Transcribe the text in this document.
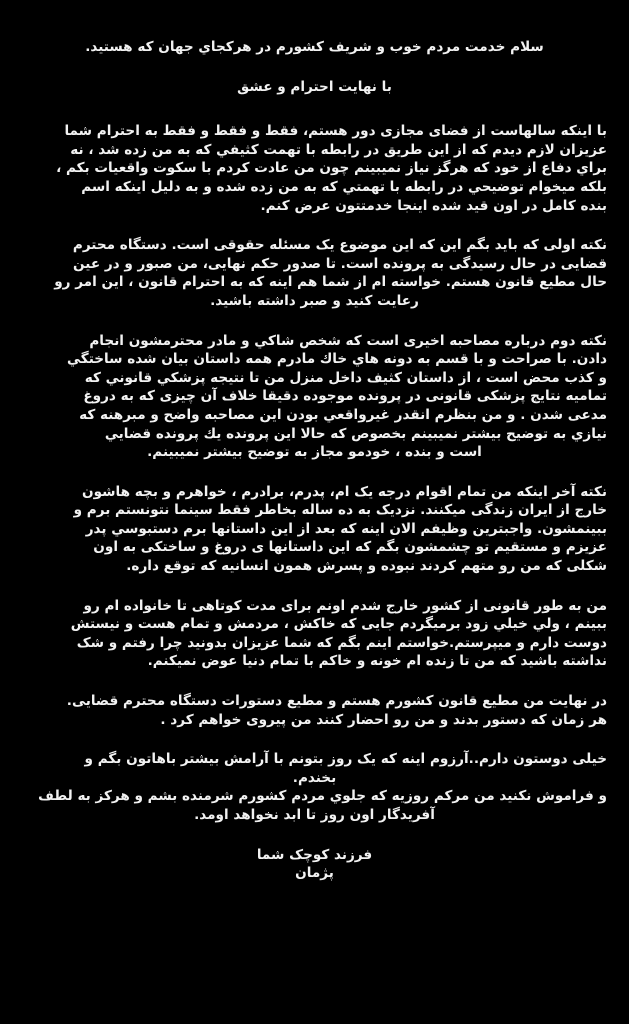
سلام خدمت مردم خوب و شريف كشورم در هرکجاي جهان که هستيد.
با نهايت احترام و عشق
با اینکه سالهاست از فضای مجازی دور هستم، فقط و فقط و فقط به احترام شما
عزيزان لازم ديدم كه از اين طريق در رابطه با تهمت كثيفي كه به من زده شد ، نه
براي دفاع از خود كه هرگز نياز نميبينم چون من عادت كردم با سكوت واقعيات بكم ،
بلكه ميخوام توضيحي در رابطه با تهمتي كه به من زده شده و به دليل اينكه اسم
بنده كامل در اون قيد شده اينجا خدمتتون عرض كنم.
نكته اولی كه بايد بگم اين كه اين موضوع يک مسئله حقوقی است. دستگاه محترم
قضايی در حال رسيدگی به پرونده است. تا صدور حكم نهايی، من صبور و در عين
حال مطيع قانون هستم. خواسته ام از شما هم اينه كه به احترام قانون ، اين امر رو
رعايت كنيد و صبر داشته باشيد.
نكته دوم درباره مصاحبه اخيری است كه شخص شاكي و مادر محترمشون انجام
دادن. با صراحت و با قسم به دونه هاي خاك مادرم همه داستان بيان شده ساختگي
و كذب محض است ، از داستان كثيف داخل منزل من تا نتيجه پزشكي قانوني كه
تماميه نتايج پزشكی قانونی در پرونده موجوده دقيقا خلاف آن چيزی كه به دروغ
مدعی شدن . و من بنظرم انقدر غيرواقعي بودن اين مصاحبه واضح و مبرهنه كه
نيازي به توضيح بيشتر نميبينم بخصوص كه حالا اين پرونده يك پرونده قضايي
است و بنده ، خودمو مجاز به توضيح بيشتر نميبينم.
نكته آخر اينكه من تمام اقوام درجه يک ام، پدرم، برادرم ، خواهرم و بچه هاشون
خارج از ايران زندگی ميكنند. نزديک به ده ساله بخاطر فقط سينما نتونستم برم و
ببينمشون. واجبترين وظيفم الان اينه كه بعد از اين داستانها برم دستبوسي پدر
عزيزم و مستقيم تو چشمشون بگم كه اين داستانها ی دروغ و ساختكی به اون
شكلی كه من رو متهم كردند نبوده و پسرش همون انسانيه كه توقع داره.
من به طور قانونی از كشور خارج شدم اونم برای مدت كوتاهی تا خانواده ام رو
ببينم ، ولي خيلي زود برميگردم جايی كه خاكش ، مردمش و تمام هست و نيستش
دوست دارم و ميپرستم.خواستم اينم بگم كه شما عزيزان بدونيد چرا رفتم و شک
نداشته باشيد كه من تا زنده ام خونه و خاكم با تمام دنيا عوض نميكنم.
در نهايت من مطيع قانون كشورم هستم و مطيع دستورات دستگاه محترم قضايی.
هر زمان كه دستور بدند و من رو احضار كنند من پيروی خواهم كرد .
خيلی دوستون دارم..آرزوم اينه كه يک روز بتونم با آرامش بيشتر باهاتون بگم و
بخندم.
و فراموش نكنيد من مركم روزيه كه جلوي مردم كشورم شرمنده بشم و هركز به لطف
آفريدگار اون روز تا ابد نخواهد اومد.
فرزند كوچک شما
پژمان
